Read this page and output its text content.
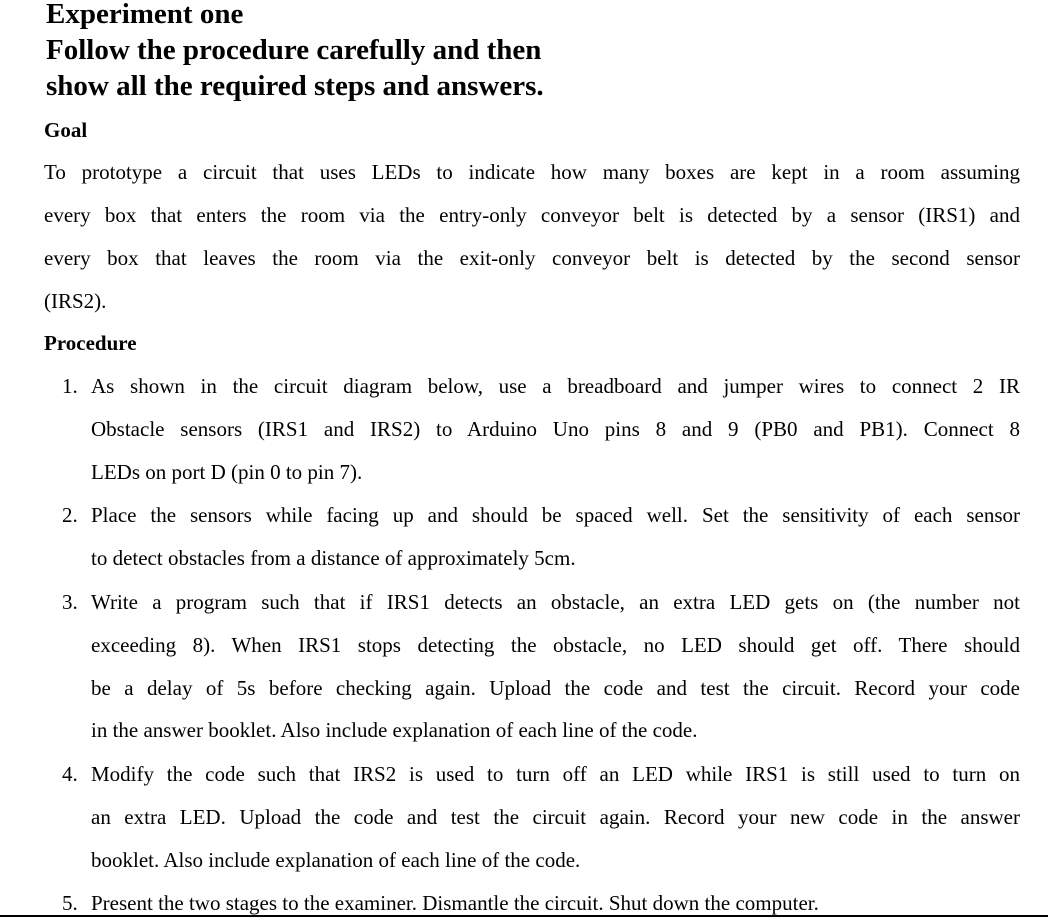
Experiment one
Follow the procedure carefully and then
show all the required steps and answers.
Goal
To prototype a circuit that uses LEDs to indicate how many boxes are kept in a room assuming
every box that enters the room via the entry-only conveyor belt is detected by a sensor (IRS1) and
every box that leaves the room via the exit-only conveyor belt is detected by the second sensor
(IRS2).
Procedure
1. As shown in the circuit diagram below, use a breadboard and jumper wires to connect 2 IR
Obstacle sensors (IRS1 and IRS2) to Arduino Uno pins 8 and 9 (PB0 and PB1). Connect 8
LEDs on port D (pin 0 to pin 7).
2. Place the sensors while facing up and should be spaced well. Set the sensitivity of each sensor
to detect obstacles from a distance of approximately 5cm.
3. Write a program such that if IRS1 detects an obstacle, an extra LED gets on (the number not
exceeding 8). When IRS1 stops detecting the obstacle, no LED should get off. There should
be a delay of 5s before checking again. Upload the code and test the circuit. Record your code
in the answer booklet. Also include explanation of each line of the code.
4. Modify the code such that IRS2 is used to turn off an LED while IRS1 is still used to turn on
an extra LED. Upload the code and test the circuit again. Record your new code in the answer
booklet. Also include explanation of each line of the code.
5. Present the two stages to the examiner. Dismantle the circuit. Shut down the computer.
